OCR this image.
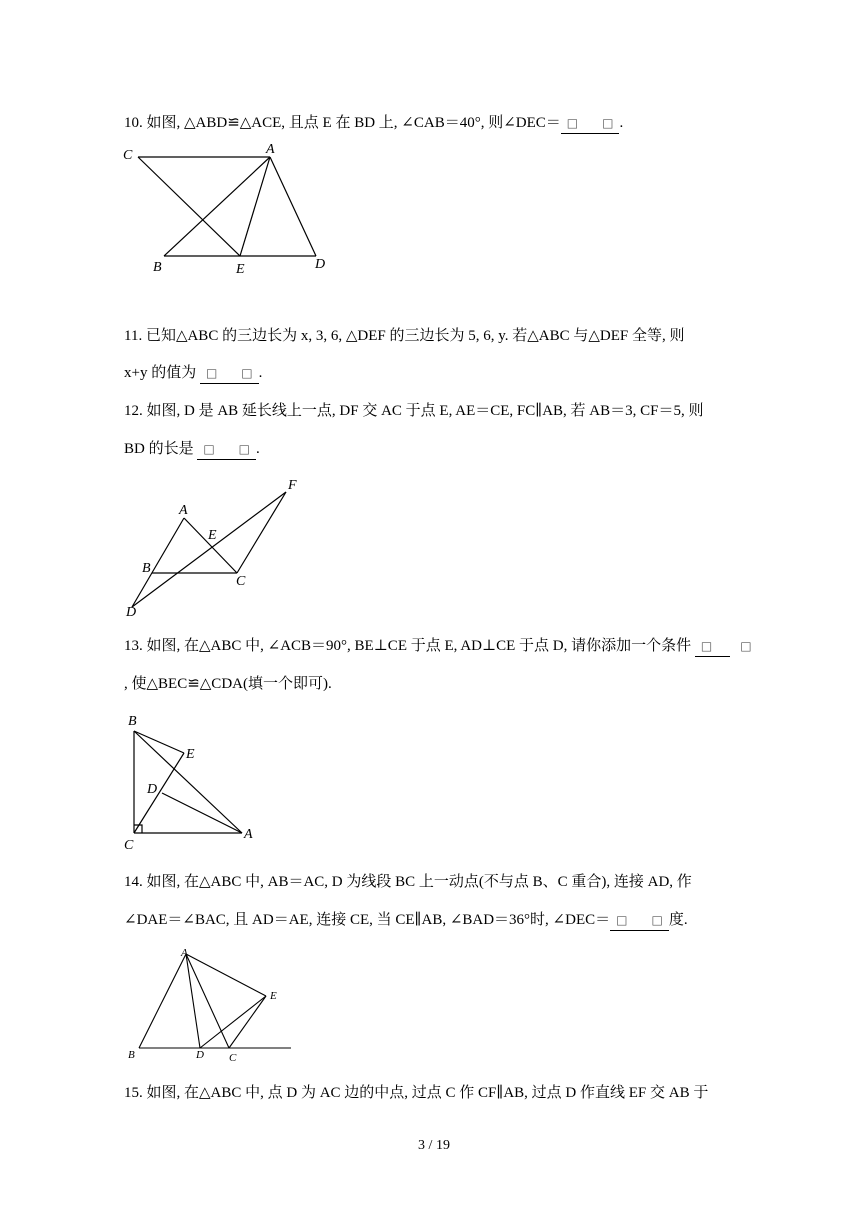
10. 如图, △ABD≌△ACE, 且点 E 在 BD 上, ∠CAB＝40°, 则∠DEC＝ □　　□ .
C	A
B	E	D
11. 已知△ABC 的三边长为 x, 3, 6, △DEF 的三边长为 5, 6, y. 若△ABC 与△DEF 全等, 则
x+y 的值为 □　　□ .
12. 如图, D 是 AB 延长线上一点, DF 交 AC 于点 E, AE＝CE, FC∥AB, 若 AB＝3, CF＝5, 则
BD 的长是 □　　□ .
F
A
E
B
C
D
13. 如图, 在△ABC 中, ∠ACB＝90°, BE⊥CE 于点 E, AD⊥CE 于点 D, 请你添加一个条件 □　□
, 使△BEC≌△CDA(填一个即可).
B
E
D
C
A
14. 如图, 在△ABC 中, AB＝AC, D 为线段 BC 上一动点(不与点 B、C 重合), 连接 AD, 作
∠DAE＝∠BAC, 且 AD＝AE, 连接 CE, 当 CE∥AB, ∠BAD＝36°时, ∠DEC＝ □　　□ 度.
A
E
B	D C
15. 如图, 在△ABC 中, 点 D 为 AC 边的中点, 过点 C 作 CF∥AB, 过点 D 作直线 EF 交 AB 于
3 / 19
